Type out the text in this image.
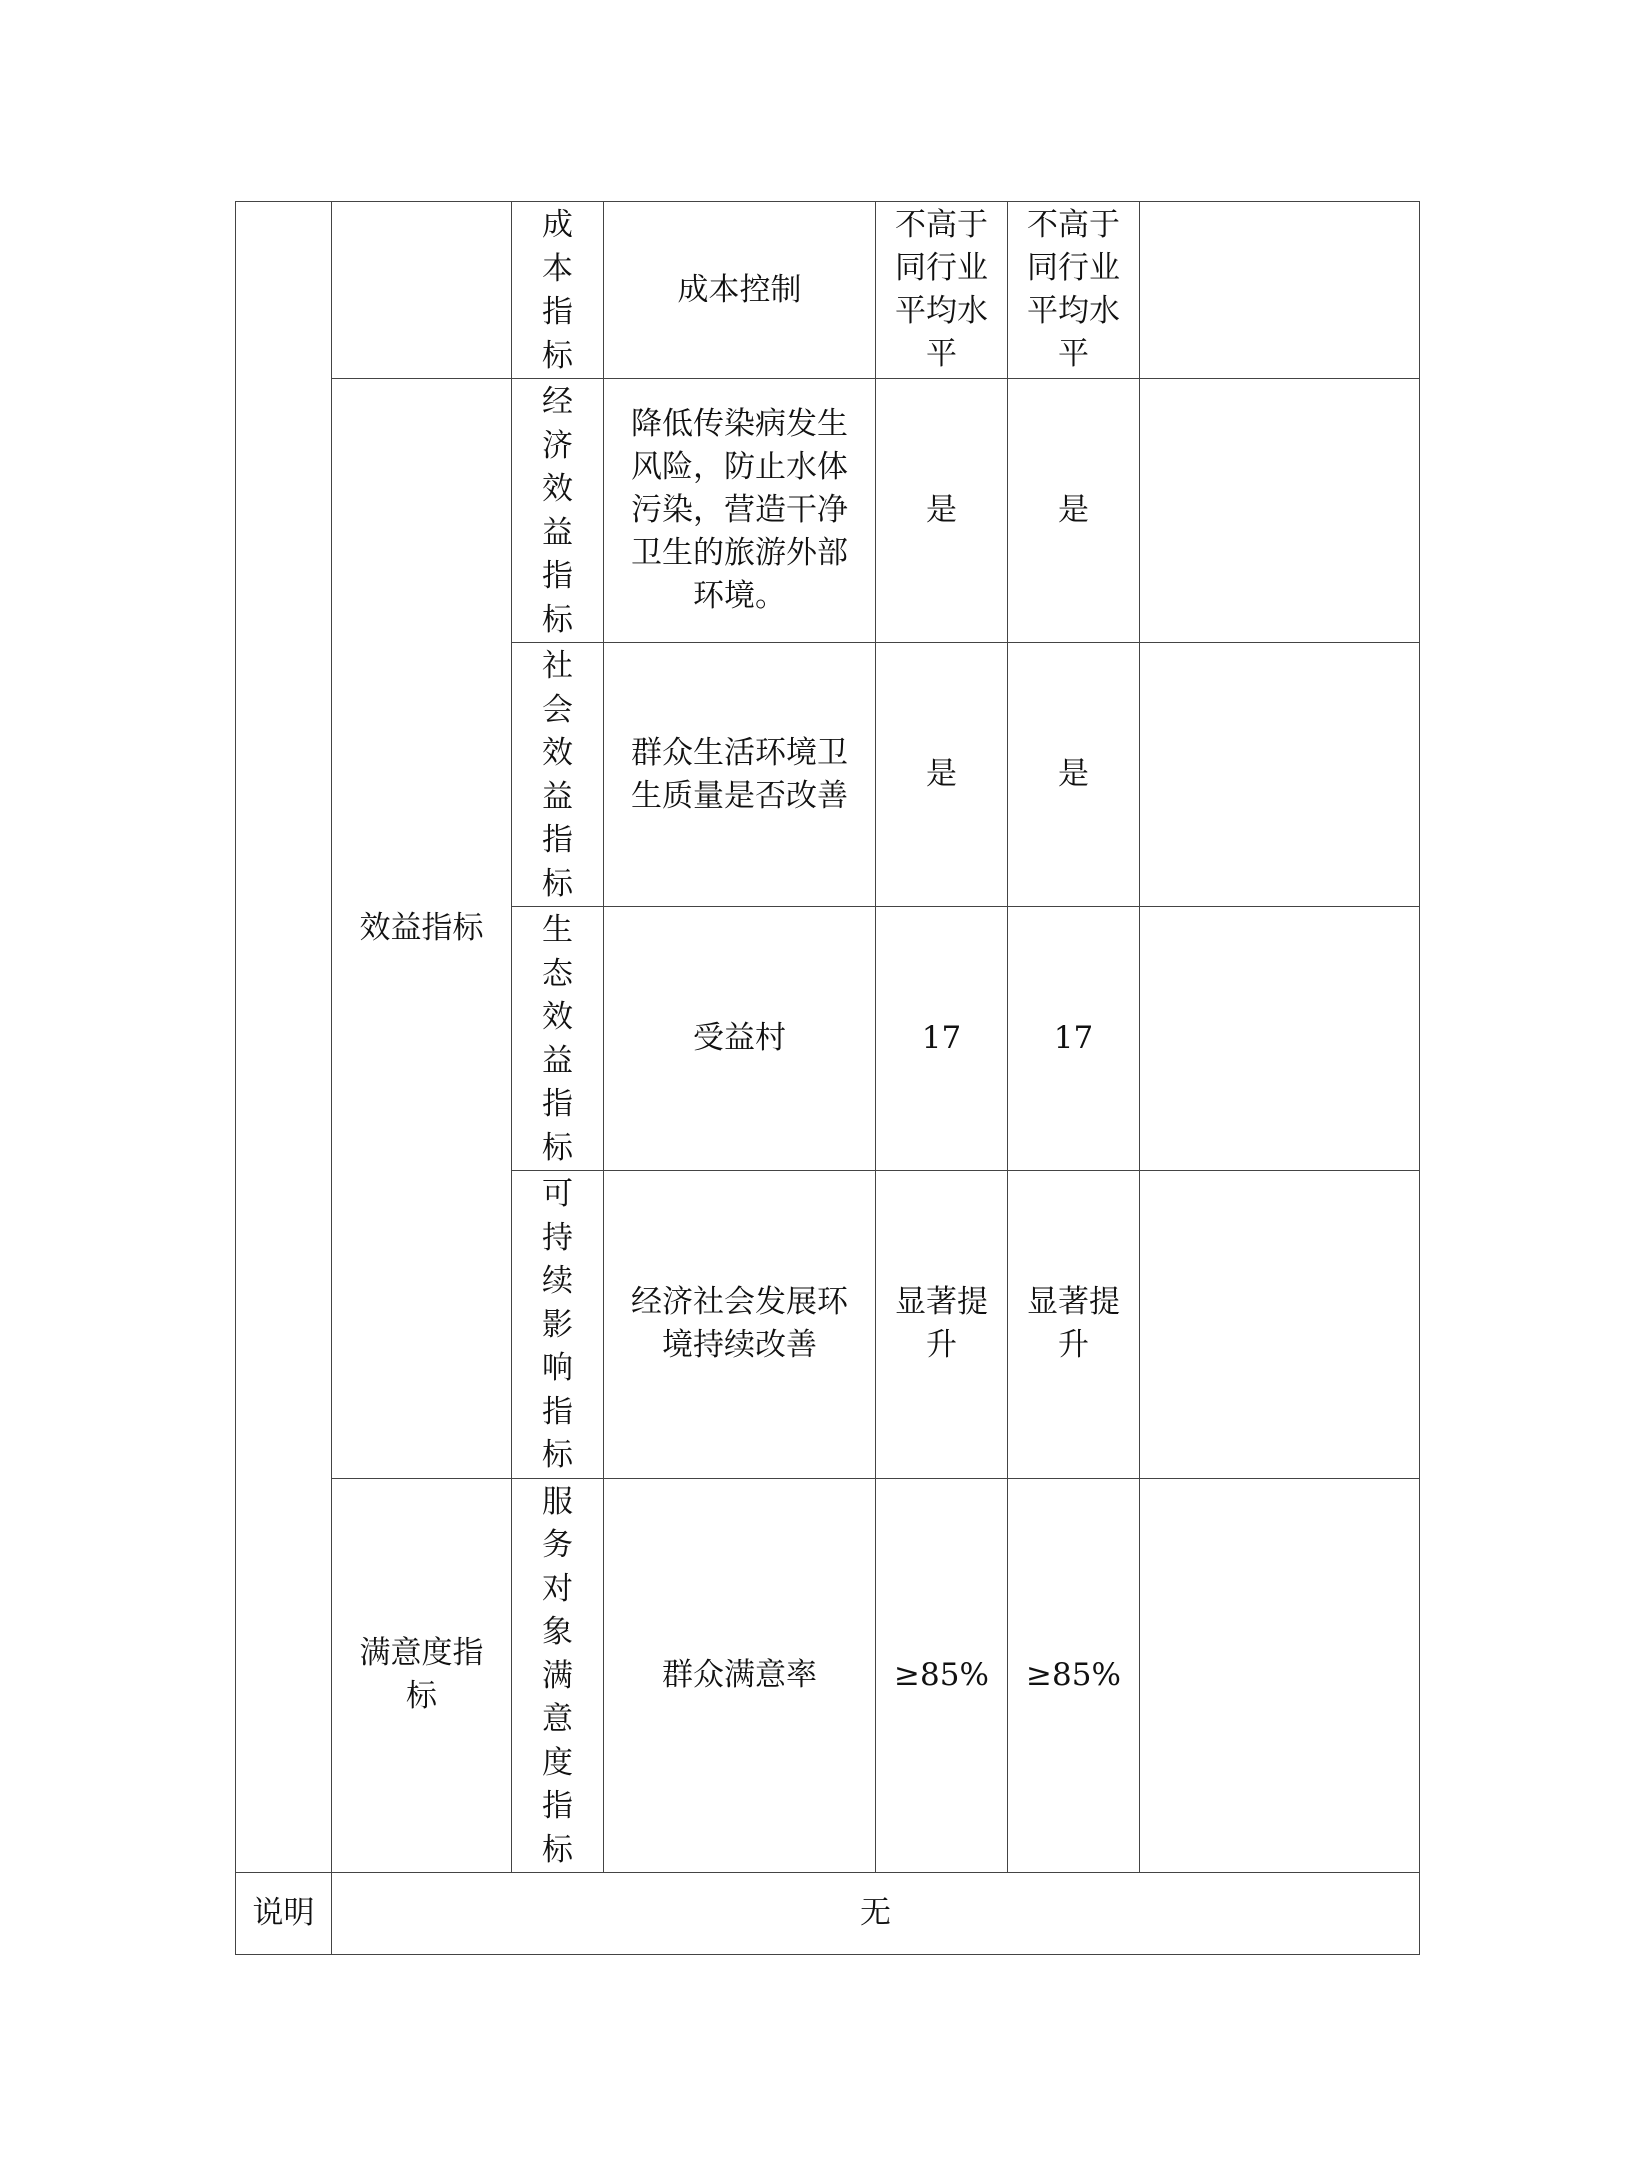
		成本指标	成本控制	不高于同行业平均水平	不高于同行业平均水平	

	效益指标	经济效益指标	降低传染病发生风险，防止水体污染，营造干净卫生的旅游外部环境。	是	是	

		社会效益指标	群众生活环境卫生质量是否改善	是	是	

		生态效益指标	受益村	17	17	

		可持续影响指标	经济社会发展环境持续改善	显著提升	显著提升	

	满意度指标	服务对象满意度指标	群众满意率	≥85%	≥85%	

说明	无					
